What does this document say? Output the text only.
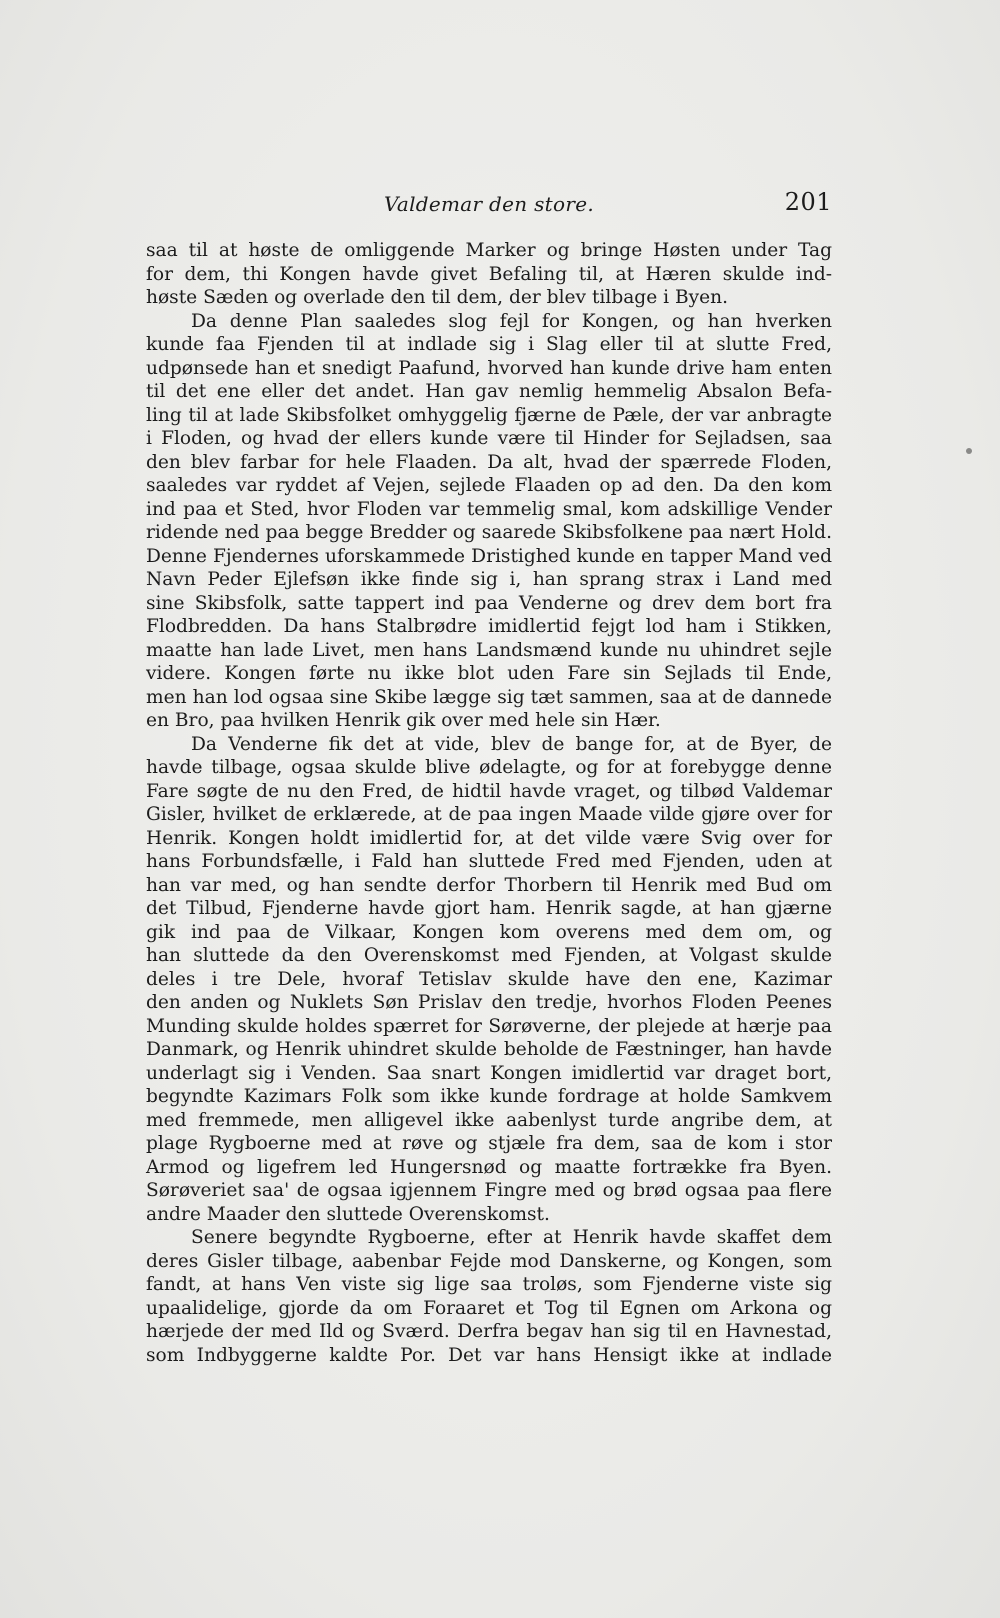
Valdemar den store.	201
saa til at høste de omliggende Marker og bringe Høsten under Tag
for dem, thi Kongen havde givet Befaling til, at Hæren skulde ind-
høste Sæden og overlade den til dem, der blev tilbage i Byen.
Da denne Plan saaledes slog fejl for Kongen, og han hverken
kunde faa Fjenden til at indlade sig i Slag eller til at slutte Fred,
udpønsede han et snedigt Paafund, hvorved han kunde drive ham enten
til det ene eller det andet. Han gav nemlig hemmelig Absalon Befa-
ling til at lade Skibsfolket omhyggelig fjærne de Pæle, der var anbragte
i Floden, og hvad der ellers kunde være til Hinder for Sejladsen, saa
den blev farbar for hele Flaaden. Da alt, hvad der spærrede Floden,
saaledes var ryddet af Vejen, sejlede Flaaden op ad den. Da den kom
ind paa et Sted, hvor Floden var temmelig smal, kom adskillige Vender
ridende ned paa begge Bredder og saarede Skibsfolkene paa nært Hold.
Denne Fjendernes uforskammede Dristighed kunde en tapper Mand ved
Navn Peder Ejlefsøn ikke finde sig i, han sprang strax i Land med
sine Skibsfolk, satte tappert ind paa Venderne og drev dem bort fra
Flodbredden. Da hans Stalbrødre imidlertid fejgt lod ham i Stikken,
maatte han lade Livet, men hans Landsmænd kunde nu uhindret sejle
videre. Kongen førte nu ikke blot uden Fare sin Sejlads til Ende,
men han lod ogsaa sine Skibe lægge sig tæt sammen, saa at de dannede
en Bro, paa hvilken Henrik gik over med hele sin Hær.
Da Venderne fik det at vide, blev de bange for, at de Byer, de
havde tilbage, ogsaa skulde blive ødelagte, og for at forebygge denne
Fare søgte de nu den Fred, de hidtil havde vraget, og tilbød Valdemar
Gisler, hvilket de erklærede, at de paa ingen Maade vilde gjøre over for
Henrik. Kongen holdt imidlertid for, at det vilde være Svig over for
hans Forbundsfælle, i Fald han sluttede Fred med Fjenden, uden at
han var med, og han sendte derfor Thorbern til Henrik med Bud om
det Tilbud, Fjenderne havde gjort ham. Henrik sagde, at han gjærne
gik ind paa de Vilkaar, Kongen kom overens med dem om, og
han sluttede da den Overenskomst med Fjenden, at Volgast skulde
deles i tre Dele, hvoraf Tetislav skulde have den ene, Kazimar
den anden og Nuklets Søn Prislav den tredje, hvorhos Floden Peenes
Munding skulde holdes spærret for Sørøverne, der plejede at hærje paa
Danmark, og Henrik uhindret skulde beholde de Fæstninger, han havde
underlagt sig i Venden. Saa snart Kongen imidlertid var draget bort,
begyndte Kazimars Folk som ikke kunde fordrage at holde Samkvem
med fremmede, men alligevel ikke aabenlyst turde angribe dem, at
plage Rygboerne med at røve og stjæle fra dem, saa de kom i stor
Armod og ligefrem led Hungersnød og maatte fortrække fra Byen.
Sørøveriet saa' de ogsaa igjennem Fingre med og brød ogsaa paa flere
andre Maader den sluttede Overenskomst.
Senere begyndte Rygboerne, efter at Henrik havde skaffet dem
deres Gisler tilbage, aabenbar Fejde mod Danskerne, og Kongen, som
fandt, at hans Ven viste sig lige saa troløs, som Fjenderne viste sig
upaalidelige, gjorde da om Foraaret et Tog til Egnen om Arkona og
hærjede der med Ild og Sværd. Derfra begav han sig til en Havnestad,
som Indbyggerne kaldte Por. Det var hans Hensigt ikke at indlade
